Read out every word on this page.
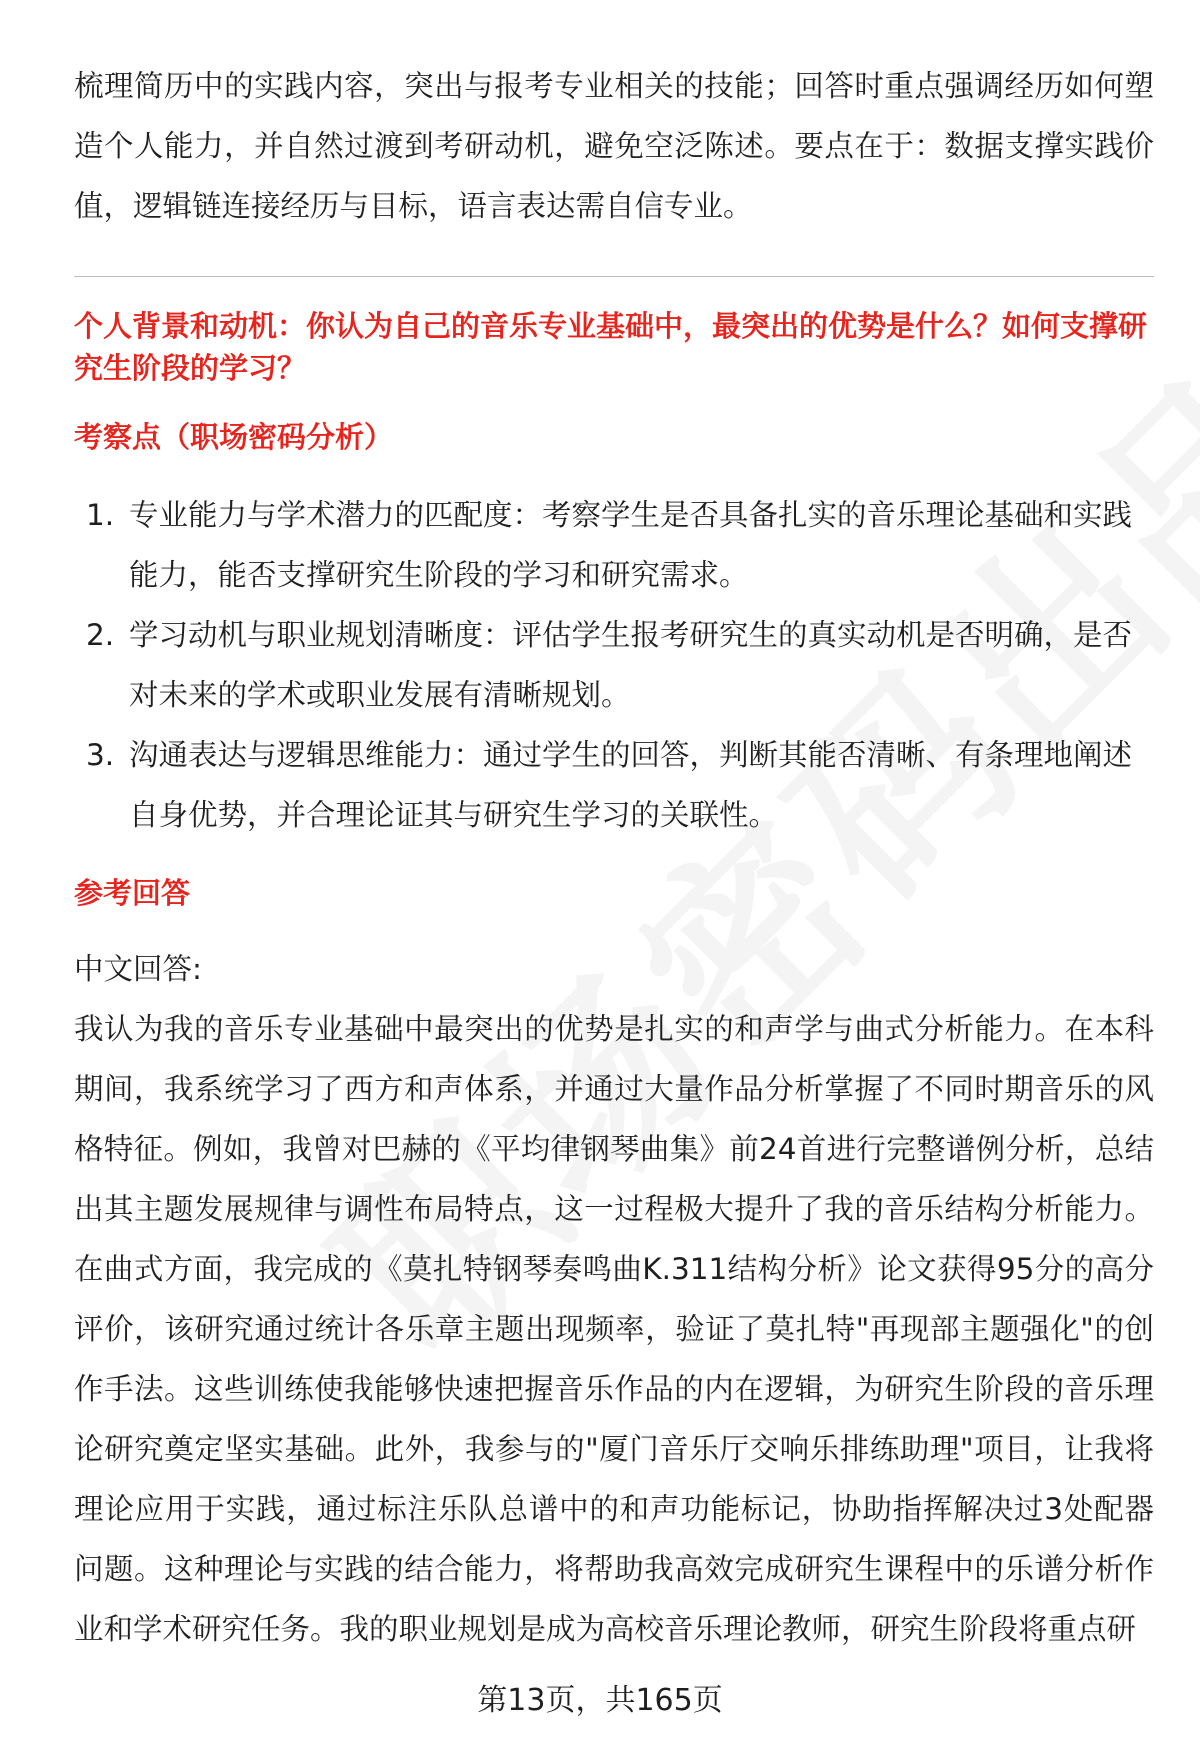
梳理简历中的实践内容，突出与报考专业相关的技能；回答时重点强调经历如何塑造个人能力，并自然过渡到考研动机，避免空泛陈述。要点在于：数据支撑实践价值，逻辑链连接经历与目标，语言表达需自信专业。

个人背景和动机：你认为自己的音乐专业基础中，最突出的优势是什么？如何支撑研究生阶段的学习？
考察点（职场密码分析）
1. 专业能力与学术潜力的匹配度：考察学生是否具备扎实的音乐理论基础和实践能力，能否支撑研究生阶段的学习和研究需求。
2. 学习动机与职业规划清晰度：评估学生报考研究生的真实动机是否明确，是否对未来的学术或职业发展有清晰规划。
3. 沟通表达与逻辑思维能力：通过学生的回答，判断其能否清晰、有条理地阐述自身优势，并合理论证其与研究生学习的关联性。
参考回答

中文回答:

我认为我的音乐专业基础中最突出的优势是扎实的和声学与曲式分析能力。在本科期间，我系统学习了西方和声体系，并通过大量作品分析掌握了不同时期音乐的风格特征。例如，我曾对巴赫的《平均律钢琴曲集》前24首进行完整谱例分析，总结出其主题发展规律与调性布局特点，这一过程极大提升了我的音乐结构分析能力。在曲式方面，我完成的《莫扎特钢琴奏鸣曲K.311结构分析》论文获得95分的高分评价，该研究通过统计各乐章主题出现频率，验证了莫扎特"再现部主题强化"的创作手法。这些训练使我能够快速把握音乐作品的内在逻辑，为研究生阶段的音乐理论研究奠定坚实基础。此外，我参与的"厦门音乐厅交响乐排练助理"项目，让我将理论应用于实践，通过标注乐队总谱中的和声功能标记，协助指挥解决过3处配器问题。这种理论与实践的结合能力，将帮助我高效完成研究生课程中的乐谱分析作业和学术研究任务。我的职业规划是成为高校音乐理论教师，研究生阶段将重点研

第13页，共165页
